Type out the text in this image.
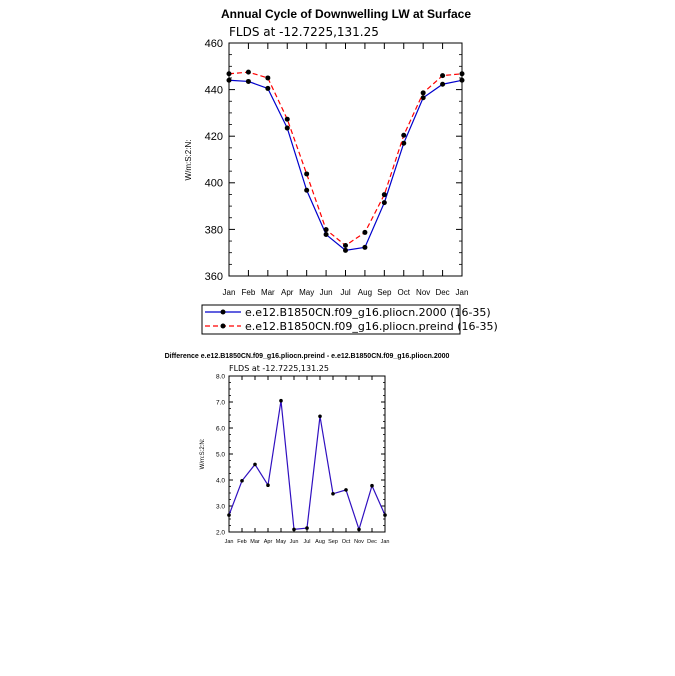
Annual Cycle of Downwelling LW at Surface
FLDS at -12.7225,131.25
W/m:S:2:N:
360
380
400
420
440
460
Jan Feb Mar Apr May Jun Jul Aug Sep Oct Nov Dec Jan
e.e12.B1850CN.f09_g16.pliocn.2000 (16-35)
e.e12.B1850CN.f09_g16.pliocn.preind (16-35)
Difference e.e12.B1850CN.f09_g16.pliocn.preind - e.e12.B1850CN.f09_g16.pliocn.2000
FLDS at -12.7225,131.25
W/m:S:2:N:
2.0
3.0
4.0
5.0
6.0
7.0
8.0
Jan Feb Mar Apr May Jun Jul Aug Sep Oct Nov Dec Jan
